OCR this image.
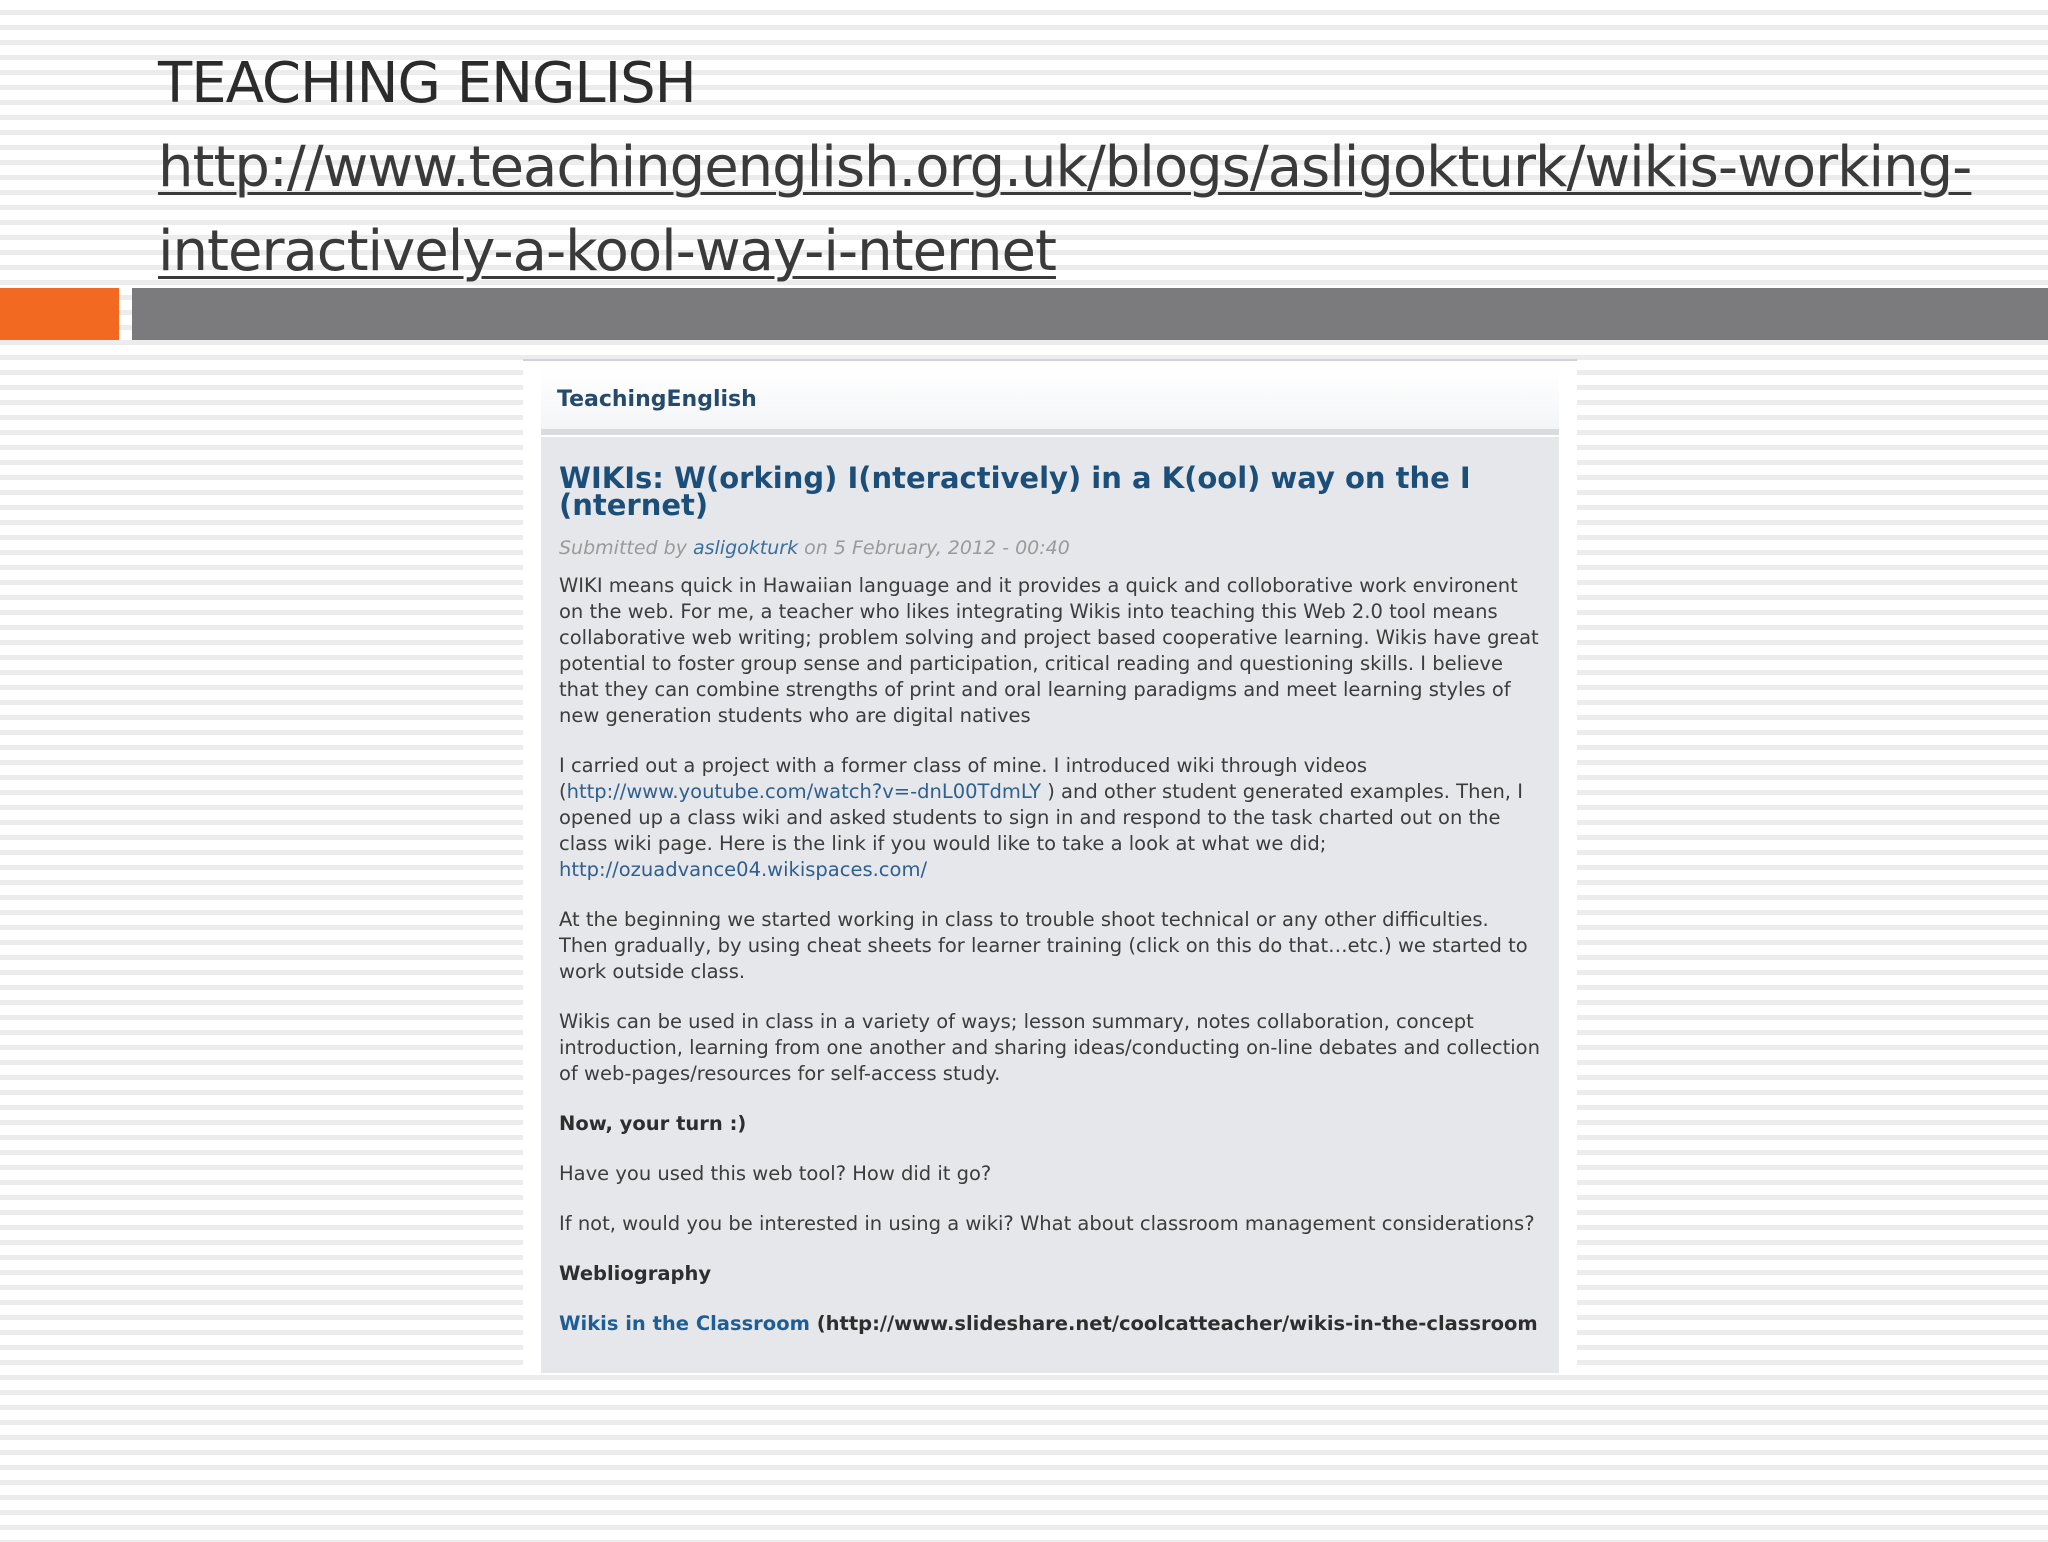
TEACHING ENGLISH
http://www.teachingenglish.org.uk/blogs/asligokturk/wikis-working-interactively-a-kool-way-i-nternet
TeachingEnglish
WIKIs: W(orking) I(nteractively) in a K(ool) way on the I (nternet)
Submitted by asligokturk on 5 February, 2012 - 00:40

WIKI means quick in Hawaiian language and it provides a quick and colloborative work environent on the web. For me, a teacher who likes integrating Wikis into teaching this Web 2.0 tool means collaborative web writing; problem solving and project based cooperative learning. Wikis have great potential to foster group sense and participation, critical reading and questioning skills. I believe that they can combine strengths of print and oral learning paradigms and meet learning styles of new generation students who are digital natives

I carried out a project with a former class of mine. I introduced wiki through videos (http://www.youtube.com/watch?v=-dnL00TdmLY ) and other student generated examples. Then, I opened up a class wiki and asked students to sign in and respond to the task charted out on the class wiki page. Here is the link if you would like to take a look at what we did; http://ozuadvance04.wikispaces.com/

At the beginning we started working in class to trouble shoot technical or any other difficulties. Then gradually, by using cheat sheets for learner training (click on this do that…etc.) we started to work outside class.

Wikis can be used in class in a variety of ways; lesson summary, notes collaboration, concept introduction, learning from one another and sharing ideas/conducting on-line debates and collection of web-pages/resources for self-access study.

Now, your turn :)

Have you used this web tool? How did it go?

If not, would you be interested in using a wiki? What about classroom management considerations?

Webliography

Wikis in the Classroom (http://www.slideshare.net/coolcatteacher/wikis-in-the-classroom
